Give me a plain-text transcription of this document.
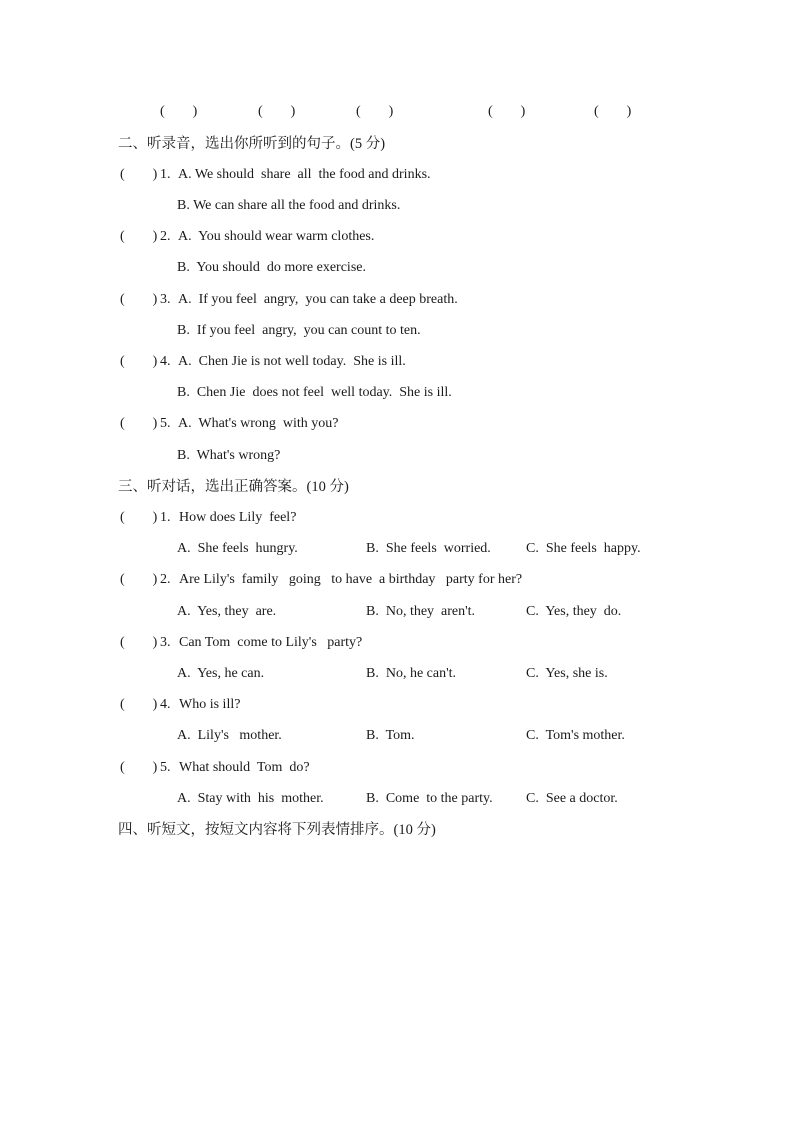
(        )	(        )	(        )	(        )	(        )
二、听录音，选出你所听到的句子。(5 分)
(        ) 1. A. We should  share  all  the food and drinks.
B. We can share all the food and drinks.
(        ) 2. A.  You should wear warm clothes.
B.  You should  do more exercise.
(        ) 3. A.  If you feel  angry,  you can take a deep breath.
B.  If you feel  angry,  you can count to ten.
(        ) 4. A.  Chen Jie is not well today.  She is ill.
B.  Chen Jie  does not feel  well today.  She is ill.
(        ) 5. A.  What's wrong  with you?
B.  What's wrong?
三、听对话，选出正确答案。(10 分)
(        ) 1. How does Lily  feel?
A.  She feels  hungry.	B.  She feels  worried.	C.  She feels  happy.
(        ) 2. Are Lily's  family   going   to have  a birthday   party for her?
A.  Yes, they  are.	B.  No, they  aren't.	C.  Yes, they  do.
(        ) 3. Can Tom  come to Lily's   party?
A.  Yes, he can.	B.  No, he can't.	C.  Yes, she is.
(        ) 4. Who is ill?
A.  Lily's   mother.	B.  Tom.	C.  Tom's mother.
(        ) 5. What should  Tom  do?
A.  Stay with  his  mother.	B.  Come  to the party. C.  See a doctor.
四、听短文，按短文内容将下列表情排序。(10 分)
